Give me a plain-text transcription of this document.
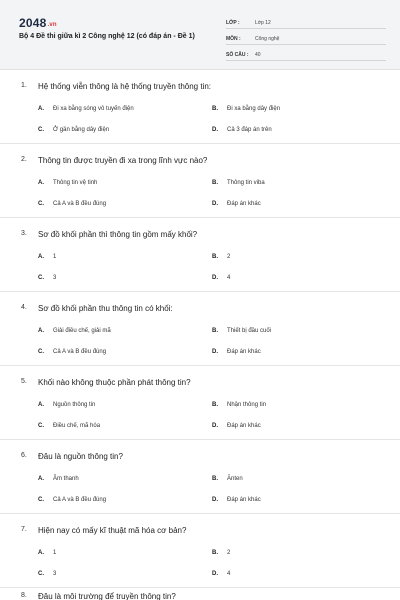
2048.vn
Bộ 4 Đề thi giữa kì 2 Công nghệ 12 (có đáp án - Đề 1)
LỚP :	Lớp 12
MÔN :	Công nghệ
SỐ CÂU :	40
1.	Hệ thống viễn thông là hệ thống truyền thông tin:
A.	Đi xa bằng sóng vô tuyến điện	B.	Đi xa bằng dây điện
C.	Ở gần bằng dây điện	D.	Cả 3 đáp án trên
2.	Thông tin được truyền đi xa trong lĩnh vực nào?
A.	Thông tin vệ tinh	B.	Thông tin viba
C.	Cả A và B đều đúng	D.	Đáp án khác
3.	Sơ đồ khối phần thì thông tin gồm mấy khối?
A.	1	B.	2
C.	3	D.	4
4.	Sơ đồ khối phần thu thông tin có khối:
A.	Giải điều chế, giải mã	B.	Thiết bị đầu cuối
C.	Cả A và B đều đúng	D.	Đáp án khác
5.	Khối nào không thuộc phần phát thông tin?
A.	Nguồn thông tin	B.	Nhận thông tin
C.	Điều chế, mã hóa	D.	Đáp án khác
6.	Đâu là nguồn thông tin?
A.	Âm thanh	B.	Ănten
C.	Cả A và B đều đúng	D.	Đáp án khác
7.	Hiện nay có mấy kĩ thuật mã hóa cơ bản?
A.	1	B.	2
C.	3	D.	4
8.	Đâu là môi trường để truyền thông tin?
